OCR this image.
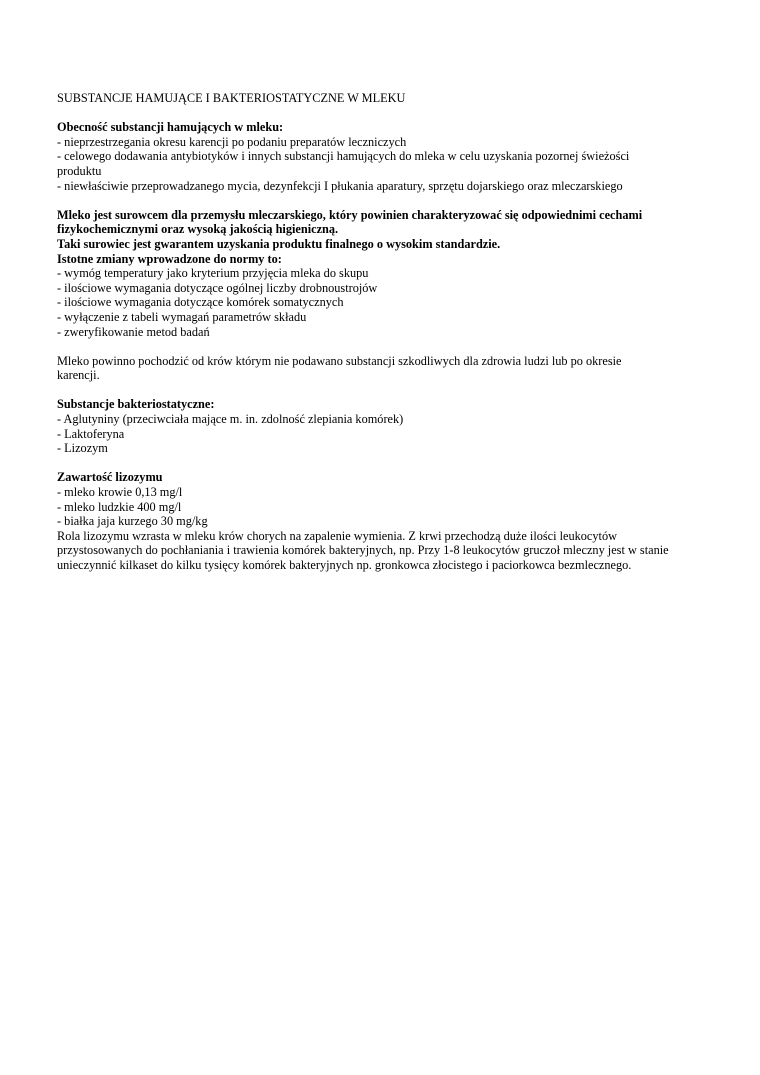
SUBSTANCJE HAMUJĄCE I BAKTERIOSTATYCZNE W MLEKU
Obecność substancji hamujących w mleku:
- nieprzestrzegania okresu karencji po podaniu preparatów leczniczych
- celowego dodawania antybiotyków i innych substancji hamujących do mleka w celu uzyskania pozornej świeżości produktu
- niewłaściwie przeprowadzanego mycia, dezynfekcji I płukania aparatury, sprzętu dojarskiego oraz mleczarskiego
Mleko jest surowcem dla przemysłu mleczarskiego, który powinien charakteryzować się odpowiednimi cechami fizykochemicznymi oraz wysoką jakością higieniczną.
Taki surowiec jest gwarantem uzyskania produktu finalnego o wysokim standardzie.
Istotne zmiany wprowadzone do normy to:
- wymóg temperatury jako kryterium przyjęcia mleka do skupu
- ilościowe wymagania dotyczące ogólnej liczby drobnoustrojów
- ilościowe wymagania dotyczące komórek somatycznych
- wyłączenie z tabeli wymagań parametrów składu
- zweryfikowanie metod badań
Mleko powinno pochodzić od krów którym nie podawano substancji szkodliwych dla zdrowia ludzi lub po okresie karencji.
Substancje bakteriostatyczne:
- Aglutyniny (przeciwciała mające m. in. zdolność zlepiania komórek)
- Laktoferyna
- Lizozym
Zawartość lizozymu
- mleko krowie 0,13 mg/l
- mleko ludzkie 400 mg/l
- białka jaja kurzego 30 mg/kg
Rola lizozymu wzrasta w mleku krów chorych na zapalenie wymienia. Z krwi przechodzą duże ilości leukocytów przystosowanych do pochłaniania i trawienia komórek bakteryjnych, np. Przy 1-8 leukocytów gruczoł mleczny jest w stanie unieczynnić kilkaset do kilku tysięcy komórek bakteryjnych np. gronkowca złocistego i paciorkowca bezmlecznego.
